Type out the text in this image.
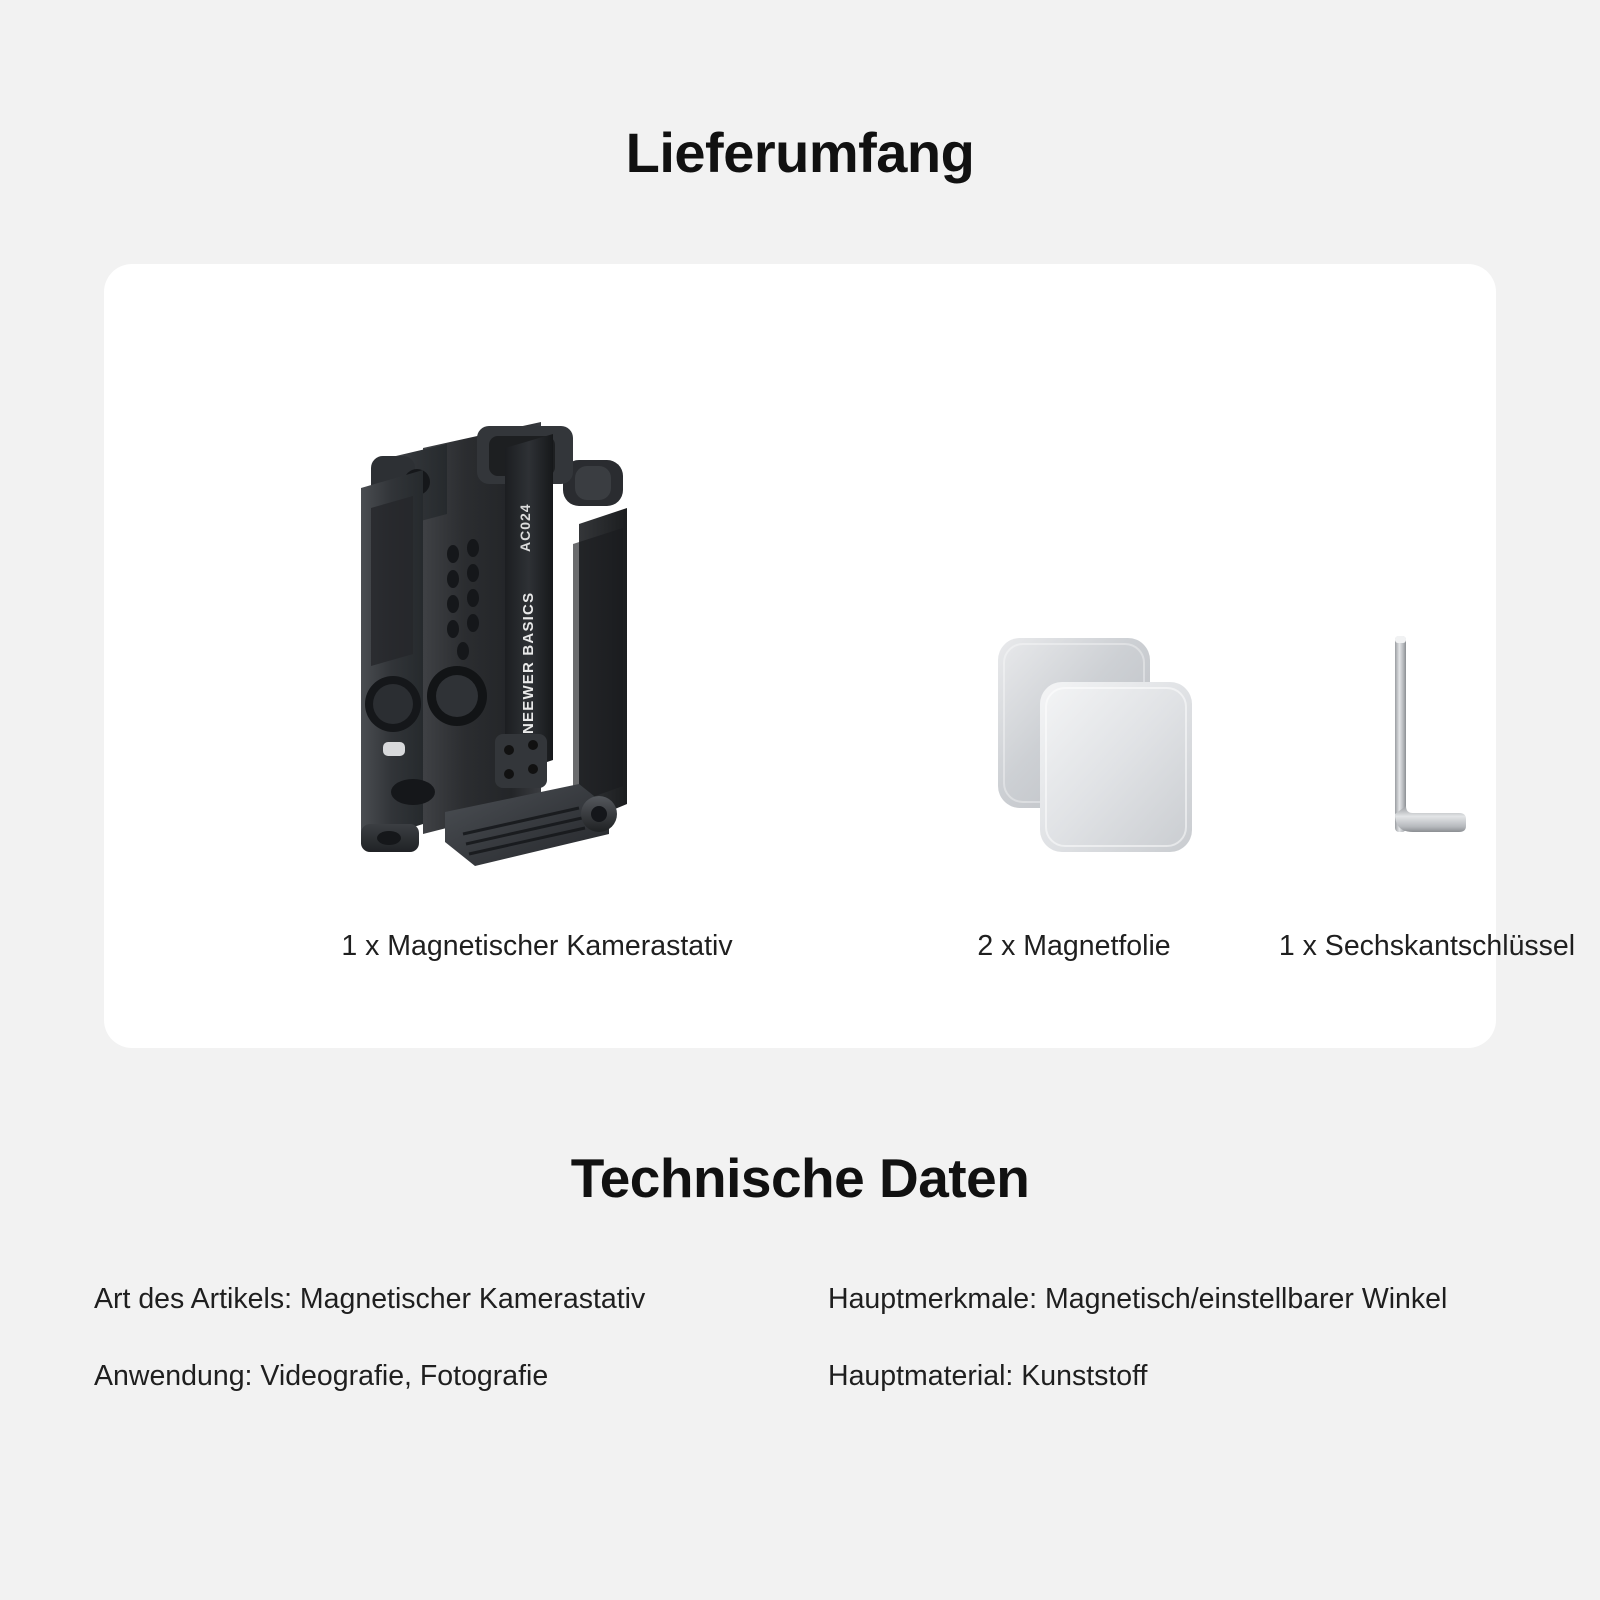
Lieferumfang
NEEWER BASICS
AC024
1 x Magnetischer Kamerastativ	2 x Magnetfolie	1 x Sechskantschlüssel
Technische Daten
Art des Artikels: Magnetischer Kamerastativ
Anwendung: Videografie, Fotografie
Hauptmerkmale: Magnetisch/einstellbarer Winkel
Hauptmaterial: Kunststoff
